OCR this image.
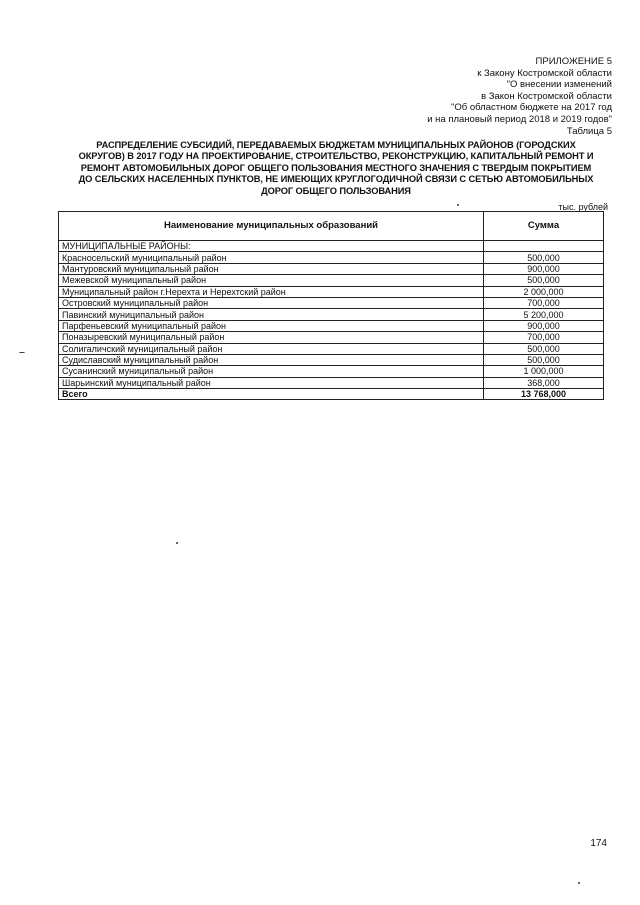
ПРИЛОЖЕНИЕ 5
к Закону Костромской области
"О внесении изменений
в Закон Костромской области
"Об областном бюджете на 2017 год
и на плановый период 2018 и 2019 годов"
Таблица 5
РАСПРЕДЕЛЕНИЕ СУБСИДИЙ, ПЕРЕДАВАЕМЫХ БЮДЖЕТАМ МУНИЦИПАЛЬНЫХ РАЙОНОВ (ГОРОДСКИХ
ОКРУГОВ) В 2017 ГОДУ НА ПРОЕКТИРОВАНИЕ, СТРОИТЕЛЬСТВО, РЕКОНСТРУКЦИЮ, КАПИТАЛЬНЫЙ РЕМОНТ И
РЕМОНТ АВТОМОБИЛЬНЫХ ДОРОГ ОБЩЕГО ПОЛЬЗОВАНИЯ МЕСТНОГО ЗНАЧЕНИЯ С ТВЕРДЫМ ПОКРЫТИЕМ
ДО СЕЛЬСКИХ НАСЕЛЕННЫХ ПУНКТОВ, НЕ ИМЕЮЩИХ КРУГЛОГОДИЧНОЙ СВЯЗИ С СЕТЬЮ АВТОМОБИЛЬНЫХ
ДОРОГ ОБЩЕГО ПОЛЬЗОВАНИЯ
тыс. рублей
Наименование муниципальных образований	Сумма
МУНИЦИПАЛЬНЫЕ РАЙОНЫ:	
Красносельский муниципальный район	500,000
Мантуровский муниципальный район	900,000
Межевской муниципальный район	500,000
Муниципальный район г.Нерехта и Нерехтский район	2 000,000
Островский муниципальный район	700,000
Павинский муниципальный район	5 200,000
Парфеньевский муниципальный район	900,000
Поназыревский муниципальный район	700,000
Солигаличский муниципальный район	500,000
Судиславский муниципальный район	500,000
Сусанинский муниципальный район	1 000,000
Шарьинский муниципальный район	368,000
Всего	13 768,000
174
